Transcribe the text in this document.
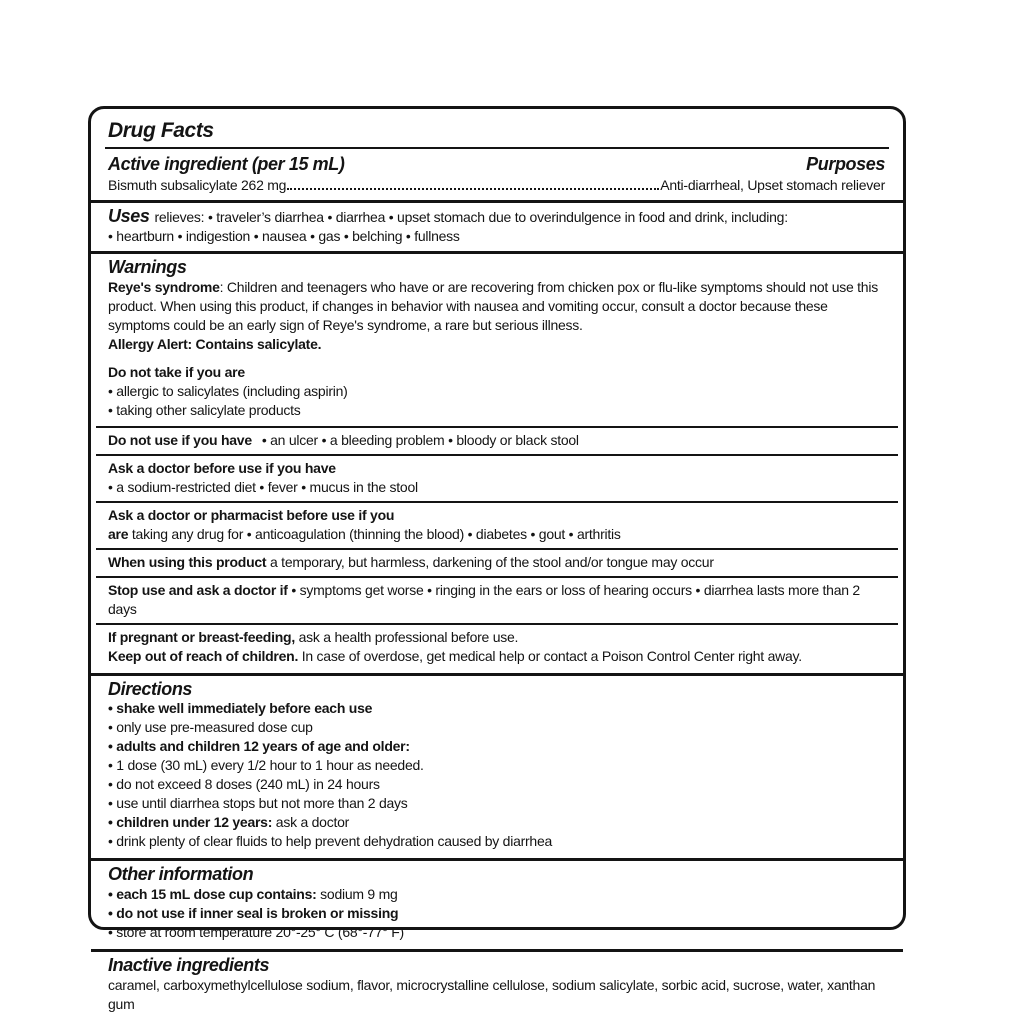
Drug Facts
Active ingredient (per 15 mL)	Purposes
Bismuth subsalicylate 262 mg	Anti-diarrheal, Upset stomach reliever

Uses relieves: • traveler’s diarrhea • diarrhea • upset stomach due to overindulgence in food and drink, including:

• heartburn • indigestion • nausea • gas • belching • fullness

Warnings

Reye's syndrome: Children and teenagers who have or are recovering from chicken pox or flu-like symptoms should not use this product. When using this product, if changes in behavior with nausea and vomiting occur, consult a doctor because these symptoms could be an early sign of Reye's syndrome, a rare but serious illness.

Allergy Alert: Contains salicylate.

Do not take if you are

• allergic to salicylates (including aspirin)

• taking other salicylate products

Do not use if you have • an ulcer • a bleeding problem • bloody or black stool

Ask a doctor before use if you have

• a sodium-restricted diet • fever • mucus in the stool

Ask a doctor or pharmacist before use if you

are taking any drug for • anticoagulation (thinning the blood) • diabetes • gout • arthritis

When using this product a temporary, but harmless, darkening of the stool and/or tongue may occur

Stop use and ask a doctor if • symptoms get worse • ringing in the ears or loss of hearing occurs • diarrhea lasts more than 2 days

If pregnant or breast-feeding, ask a health professional before use.

Keep out of reach of children. In case of overdose, get medical help or contact a Poison Control Center right away.

Directions

• shake well immediately before each use

• only use pre-measured dose cup

• adults and children 12 years of age and older:

• 1 dose (30 mL) every 1/2 hour to 1 hour as needed.

• do not exceed 8 doses (240 mL) in 24 hours

• use until diarrhea stops but not more than 2 days

• children under 12 years: ask a doctor

• drink plenty of clear fluids to help prevent dehydration caused by diarrhea

Other information

• each 15 mL dose cup contains: sodium 9 mg

• do not use if inner seal is broken or missing

• store at room temperature 20°-25° C (68°-77° F)

Inactive ingredients

caramel, carboxymethylcellulose sodium, flavor, microcrystalline cellulose, sodium salicylate, sorbic acid, sucrose, water, xanthan gum
